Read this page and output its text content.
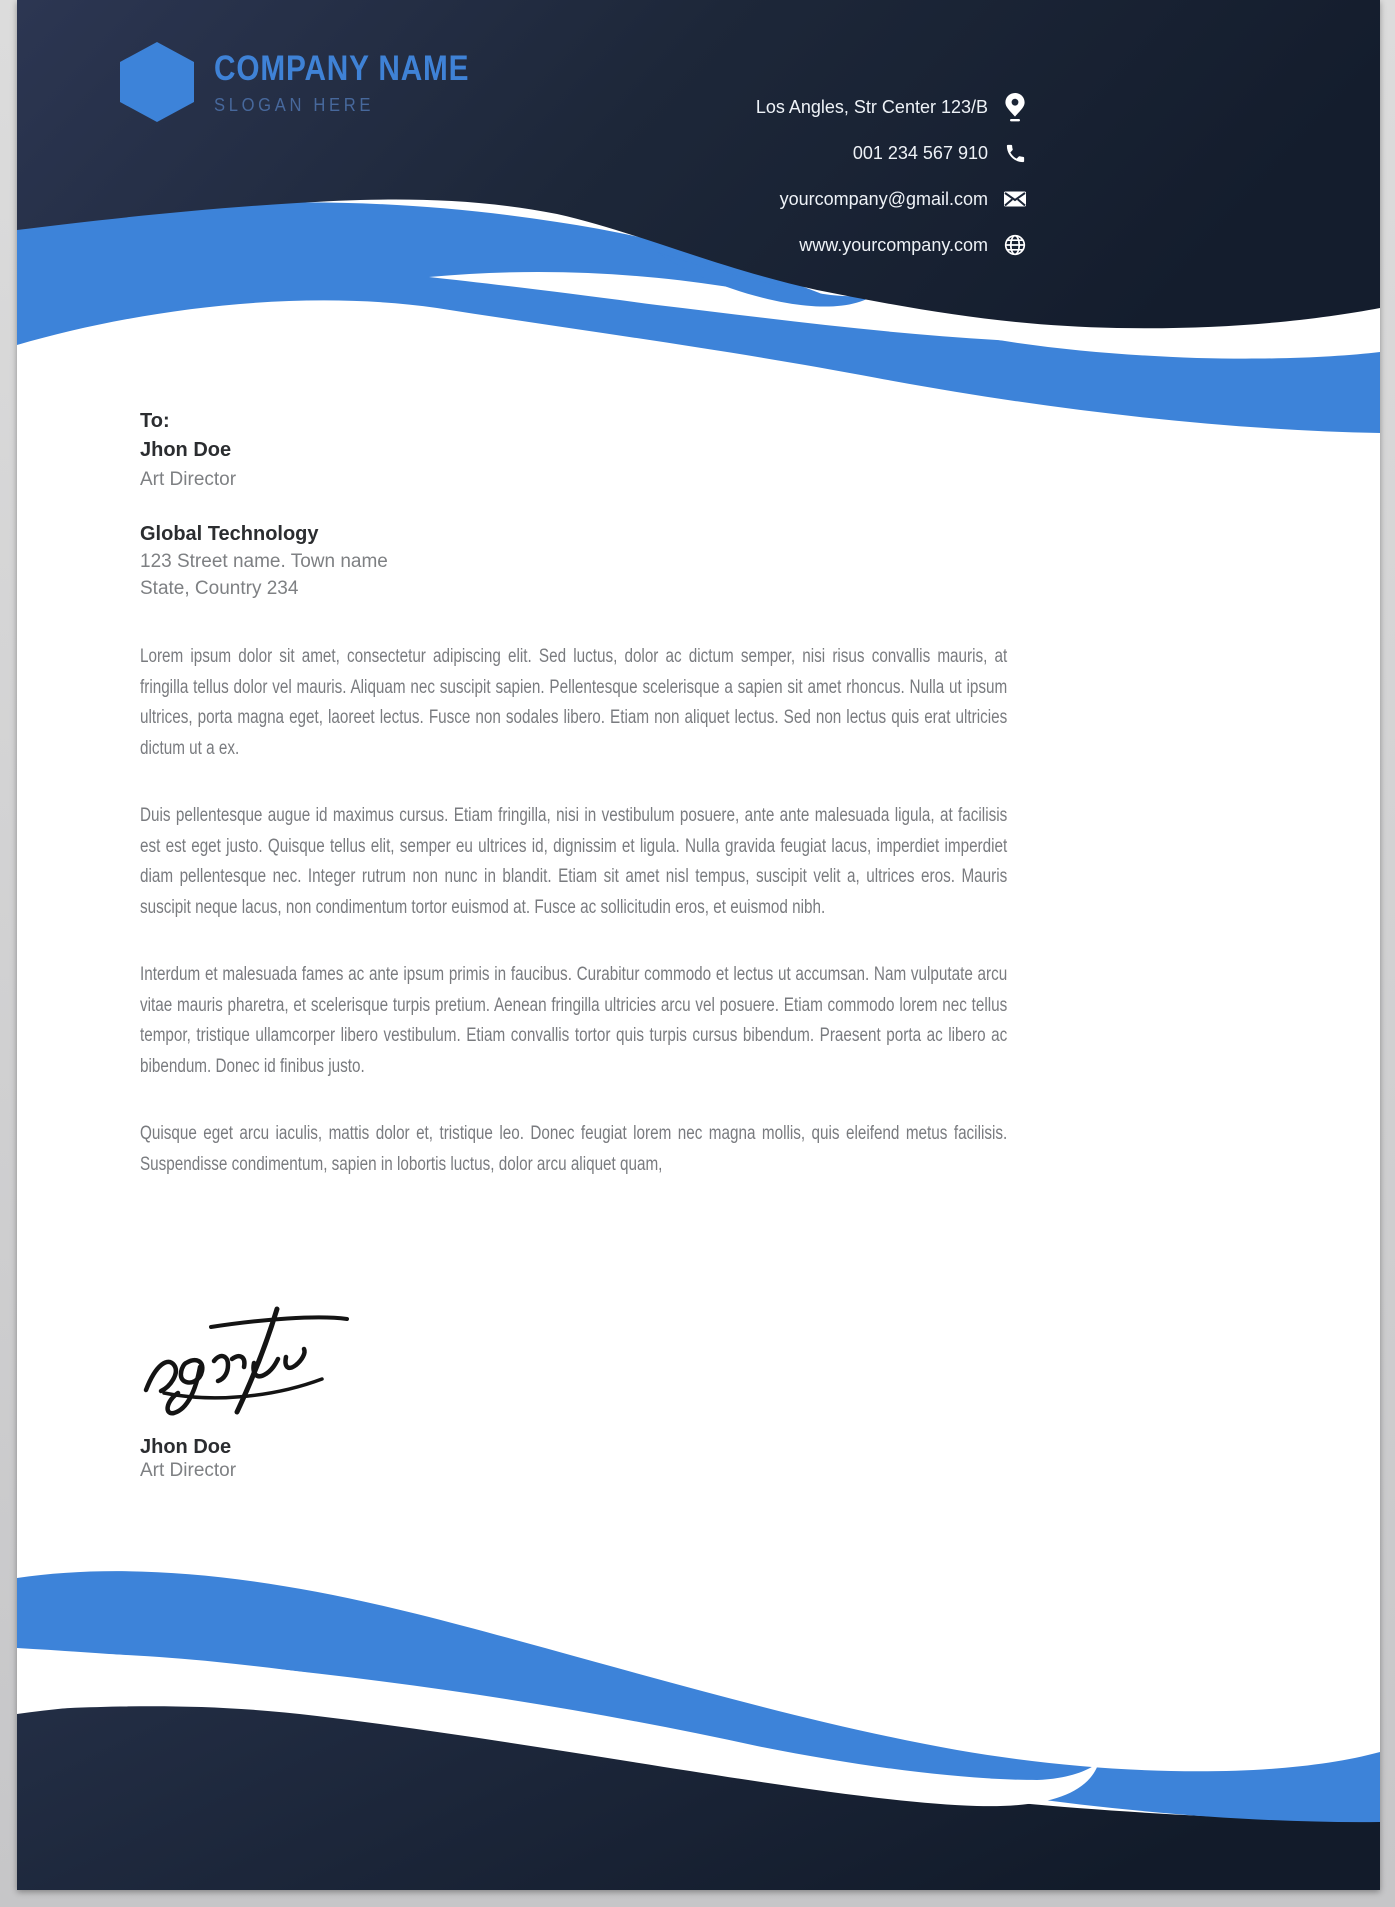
COMPANY NAME
SLOGAN HERE	Los Angles, Str Center 123/B
001 234 567 910
yourcompany@gmail.com
www.yourcompany.com
To:
Jhon Doe
Art Director
Global Technology
123 Street name. Town name
State, Country 234

Lorem ipsum dolor sit amet, consectetur adipiscing elit. Sed luctus, dolor ac dictum semper, nisi risus convallis mauris, at fringilla tellus dolor vel mauris. Aliquam nec suscipit sapien. Pellentesque scelerisque a sapien sit amet rhoncus. Nulla ut ipsum ultrices, porta magna eget, laoreet lectus. Fusce non sodales libero. Etiam non aliquet lectus. Sed non lectus quis erat ultricies dictum ut a ex.

Duis pellentesque augue id maximus cursus. Etiam fringilla, nisi in vestibulum posuere, ante ante malesuada ligula, at facilisis est est eget justo. Quisque tellus elit, semper eu ultrices id, dignissim et ligula. Nulla gravida feugiat lacus, imperdiet imperdiet diam pellentesque nec. Integer rutrum non nunc in blandit. Etiam sit amet nisl tempus, suscipit velit a, ultrices eros. Mauris suscipit neque lacus, non condimentum tortor euismod at. Fusce ac sollicitudin eros, et euismod nibh.

Interdum et malesuada fames ac ante ipsum primis in faucibus. Curabitur commodo et lectus ut accumsan. Nam vulputate arcu vitae mauris pharetra, et scelerisque turpis pretium. Aenean fringilla ultricies arcu vel posuere. Etiam commodo lorem nec tellus tempor, tristique ullamcorper libero vestibulum. Etiam convallis tortor quis turpis cursus bibendum. Praesent porta ac libero ac bibendum. Donec id finibus justo.

Quisque eget arcu iaculis, mattis dolor et, tristique leo. Donec feugiat lorem nec magna mollis, quis eleifend metus facilisis. Suspendisse condimentum, sapien in lobortis luctus, dolor arcu aliquet quam,

Jhon Doe
Art Director
